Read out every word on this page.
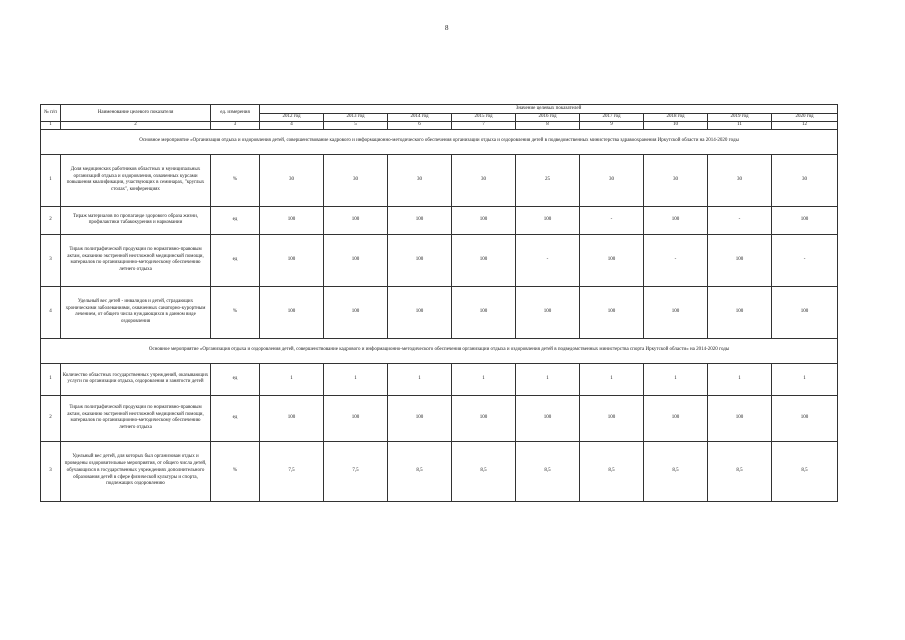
8
№ п/п	Наименование целевого показателя	ед. измерения	Значение целевых показателей								
			2012 год	2013 год	2014 год	2015 год	2016 год	2017 год	2018 год	2019 год	2020 год
1	2	3	4	5	6	7	8	9	10	11	12
Основное мероприятие «Организация отдыха и оздоровления детей, совершенствование кадрового и информационно-методического обеспечения организации отдыха и оздоровления детей в подведомственных министерства здравоохранения Иркутской области на 2014-2020 годы											
1	Доля медицинских работников областных и муниципальных организаций отдыха и оздоровления, охваченных курсами повышения квалификации, участвующих в семинарах, "круглых столах", конференциях	%	30	30	30	30	25	30	30	30	30
2	Тираж материалов по пропаганде здорового образа жизни, профилактики табакокурения и наркомании	ед	100	100	100	100	100	-	100	-	100
3	Тираж полиграфической продукции по нормативно-правовым актам, оказанию экстренной неотложной медицинской помощи, материалов по организационно-методическому обеспечению летнего отдыха	ед	100	100	100	100	-	100	-	100	-
4	Удельный вес детей - инвалидов и детей, страдающих хроническими заболеваниями, охваченных санаторно-курортным лечением, от общего числа нуждающихся в данном виде оздоровления	%	100	100	100	100	100	100	100	100	100
Основное мероприятие «Организация отдыха и оздоровления детей, совершенствование кадрового и информационно-методического обеспечения организации отдыха и оздоровления детей в подведомственных министерства спорта Иркутской области» на 2014-2020 годы											
1	Количество областных государственных учреждений, оказывающих услуги по организации отдыха, оздоровления и занятости детей	ед	1	1	1	1	1	1	1	1	1
2	Тираж полиграфической продукции по нормативно-правовым актам, оказанию экстренной неотложной медицинской помощи, материалов по организационно-методическому обеспечению летнего отдыха	ед	100	100	100	100	100	100	100	100	100
3	Удельный вес детей, для которых был организован отдых и проведены оздоровительные мероприятия, от общего числа детей, обучающихся в государственных учреждениях дополнительного образования детей в сфере физической культуры и спорта, подлежащих оздоровлению	%	7,5	7,5	8,5	8,5	8,5	8,5	8,5	8,5	8,5
